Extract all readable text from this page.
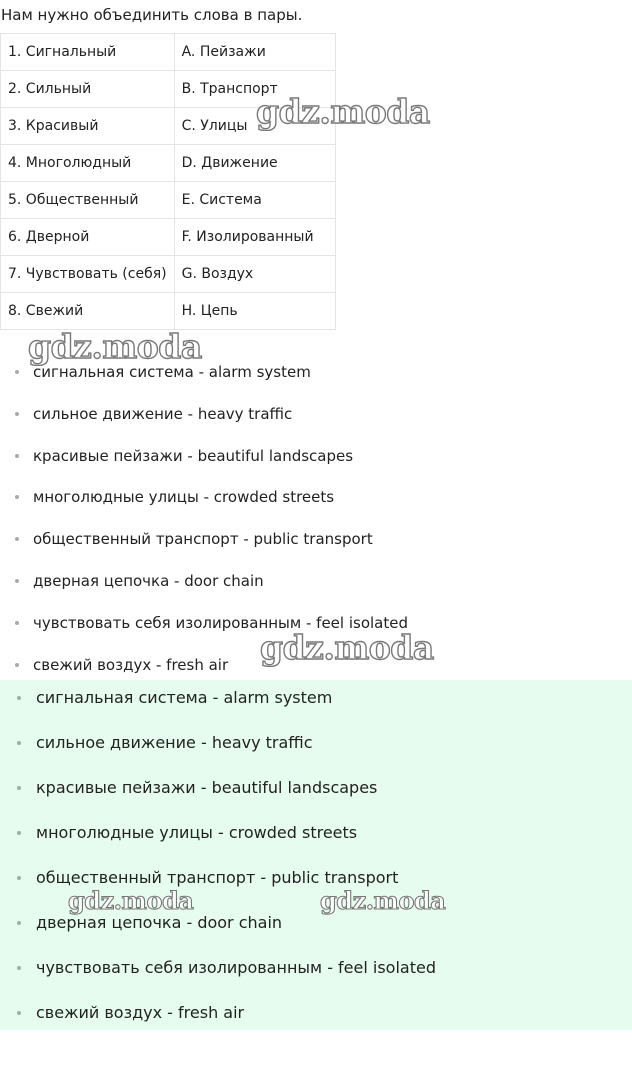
Нам нужно объединить слова в пары.
1. Сигнальный	A. Пейзажи
2. Сильный	B. Транспорт
3. Красивый	C. Улицы
4. Многолюдный	D. Движение
5. Общественный	E. Система
6. Дверной	F. Изолированный
7. Чувствовать (себя)	G. Воздух
8. Свежий	H. Цепь
сигнальная система - alarm system
сильное движение - heavy traffic
красивые пейзажи - beautiful landscapes
многолюдные улицы - crowded streets
общественный транспорт - public transport
дверная цепочка - door chain
чувствовать себя изолированным - feel isolated
свежий воздух - fresh air
сигнальная система - alarm system
сильное движение - heavy traffic
красивые пейзажи - beautiful landscapes
многолюдные улицы - crowded streets
общественный транспорт - public transport
дверная цепочка - door chain
чувствовать себя изолированным - feel isolated
свежий воздух - fresh air
gdz.moda
gdz.moda
gdz.moda
gdz.moda	gdz.moda
